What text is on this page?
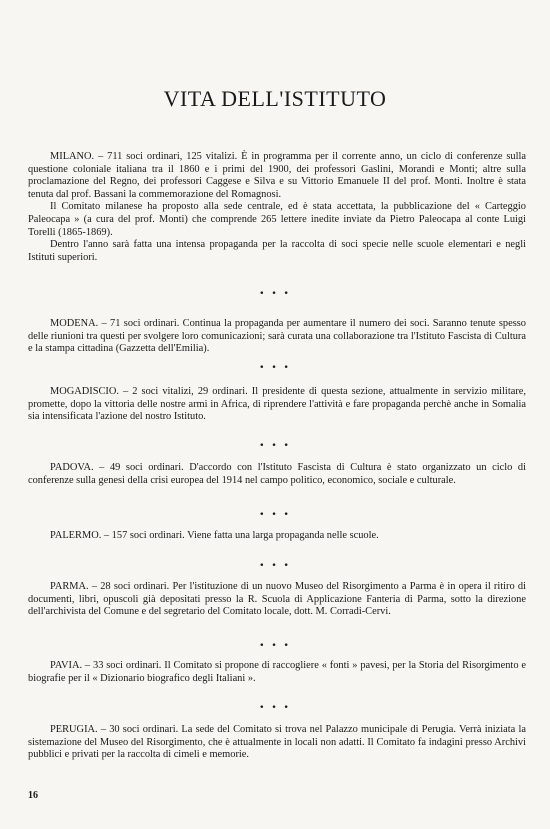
VITA DELL'ISTITUTO

MILANO. – 711 soci ordinari, 125 vitalizi. È in programma per il corrente anno, un ciclo di conferenze sulla questione coloniale italiana tra il 1860 e i primi del 1900, dei professori Gaslini, Morandi e Monti; altre sulla proclamazione del Regno, dei professori Caggese e Silva e su Vittorio Emanuele II del prof. Monti. Inoltre è stata tenuta dal prof. Bassani la commemorazione del Romagnosi.

Il Comitato milanese ha proposto alla sede centrale, ed è stata accettata, la pubblicazione del « Carteggio Paleocapa » (a cura del prof. Monti) che comprende 265 lettere inedite inviate da Pietro Paleocapa al conte Luigi Torelli (1865-1869).

Dentro l'anno sarà fatta una intensa propaganda per la raccolta di soci specie nelle scuole elementari e negli Istituti superiori.

• • •

MODENA. – 71 soci ordinari. Continua la propaganda per aumentare il numero dei soci. Saranno tenute spesso delle riunioni tra questi per svolgere loro comunicazioni; sarà curata una collaborazione tra l'Istituto Fascista di Cultura e la stampa cittadina (Gazzetta dell'Emilia).

• • •

MOGADISCIO. – 2 soci vitalizi, 29 ordinari. Il presidente di questa sezione, attualmente in servizio militare, promette, dopo la vittoria delle nostre armi in Africa, di riprendere l'attività e fare propaganda perchè anche in Somalia sia intensificata l'azione del nostro Istituto.

• • •

PADOVA. – 49 soci ordinari. D'accordo con l'Istituto Fascista di Cultura è stato organizzato un ciclo di conferenze sulla genesi della crisi europea del 1914 nel campo politico, economico, sociale e culturale.

• • •

PALERMO. – 157 soci ordinari. Viene fatta una larga propaganda nelle scuole.

• • •

PARMA. – 28 soci ordinari. Per l'istituzione di un nuovo Museo del Risorgimento a Parma è in opera il ritiro di documenti, libri, opuscoli già depositati presso la R. Scuola di Applicazione Fanteria di Parma, sotto la direzione dell'archivista del Comune e del segretario del Comitato locale, dott. M. Corradi-Cervi.

• • •

PAVIA. – 33 soci ordinari. Il Comitato si propone di raccogliere « fonti » pavesi, per la Storia del Risorgimento e biografie per il « Dizionario biografico degli Italiani ».

• • •

PERUGIA. – 30 soci ordinari. La sede del Comitato si trova nel Palazzo municipale di Perugia. Verrà iniziata la sistemazione del Museo del Risorgimento, che è attualmente in locali non adatti. Il Comitato fa indagini presso Archivi pubblici e privati per la raccolta di cimeli e memorie.

16
